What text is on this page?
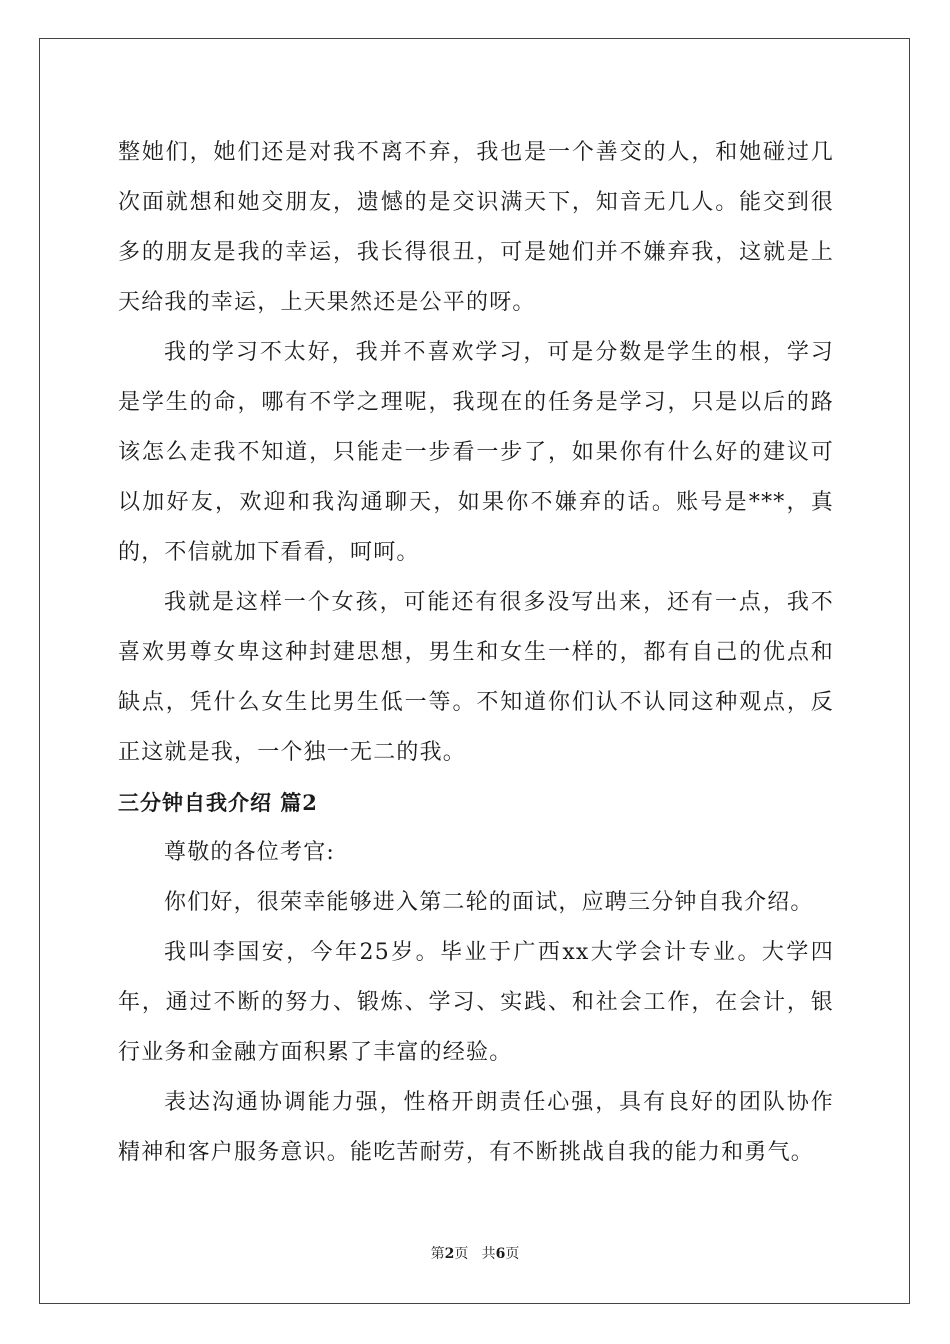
整她们，她们还是对我不离不弃，我也是一个善交的人，和她碰过几次面就想和她交朋友，遗憾的是交识满天下，知音无几人。能交到很多的朋友是我的幸运，我长得很丑，可是她们并不嫌弃我，这就是上天给我的幸运，上天果然还是公平的呀。

我的学习不太好，我并不喜欢学习，可是分数是学生的根，学习是学生的命，哪有不学之理呢，我现在的任务是学习，只是以后的路该怎么走我不知道，只能走一步看一步了，如果你有什么好的建议可以加好友，欢迎和我沟通聊天，如果你不嫌弃的话。账号是***，真的，不信就加下看看，呵呵。

我就是这样一个女孩，可能还有很多没写出来，还有一点，我不喜欢男尊女卑这种封建思想，男生和女生一样的，都有自己的优点和缺点，凭什么女生比男生低一等。不知道你们认不认同这种观点，反正这就是我，一个独一无二的我。

三分钟自我介绍 篇2

尊敬的各位考官:

你们好，很荣幸能够进入第二轮的面试，应聘三分钟自我介绍。

我叫李国安，今年25岁。毕业于广西xx大学会计专业。大学四年，通过不断的努力、锻炼、学习、实践、和社会工作，在会计，银行业务和金融方面积累了丰富的经验。

表达沟通协调能力强，性格开朗责任心强，具有良好的团队协作精神和客户服务意识。能吃苦耐劳，有不断挑战自我的能力和勇气。

第2页 共6页
